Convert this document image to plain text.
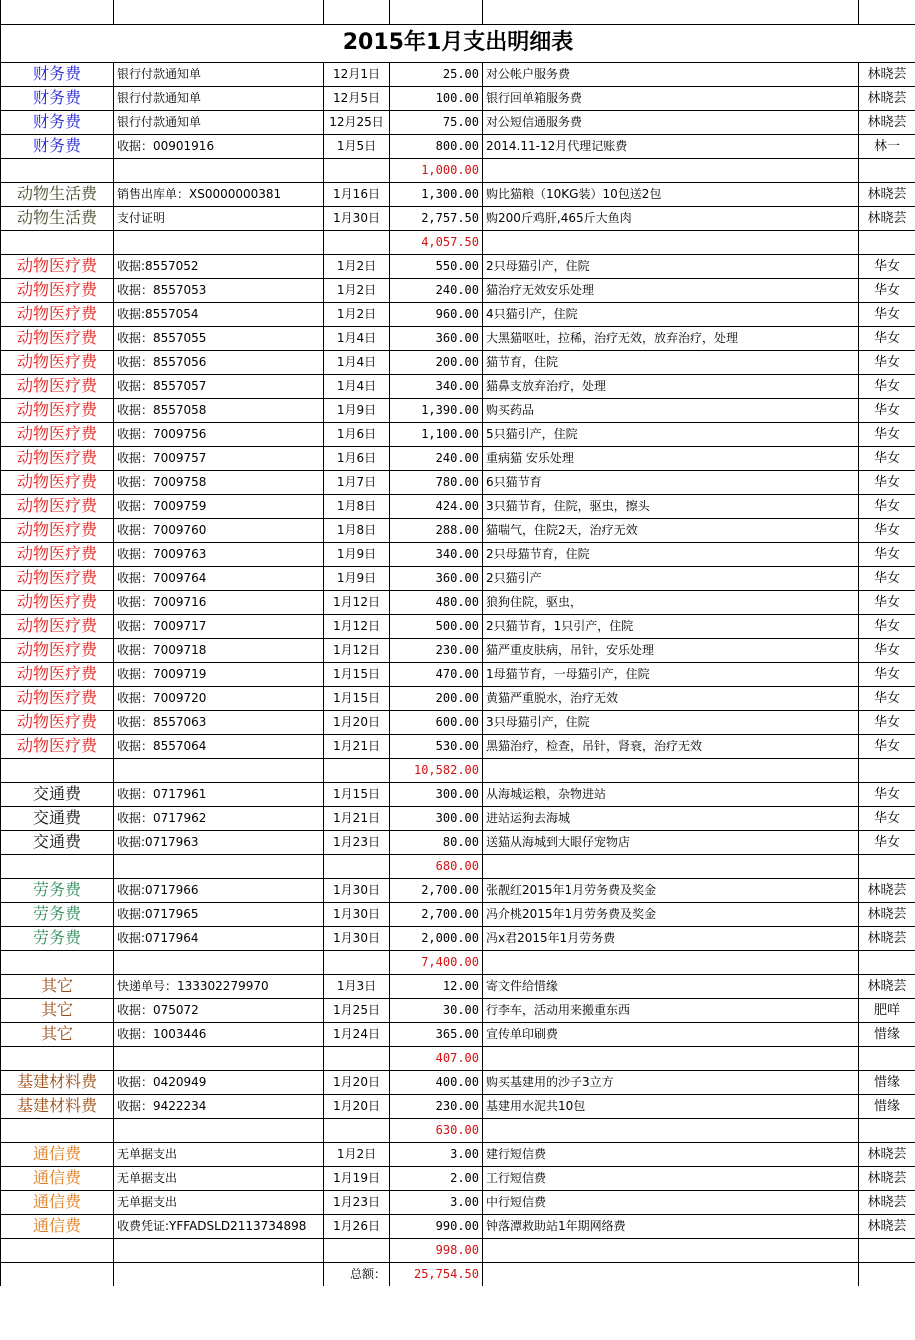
2015年1月支出明细表					
财务费	银行付款通知单	12月1日	25.00	对公帐户服务费	林晓芸
财务费	银行付款通知单	12月5日	100.00	银行回单箱服务费	林晓芸
财务费	银行付款通知单	12月25日	75.00	对公短信通服务费	林晓芸
财务费	收据：00901916	1月5日	800.00	2014.11-12月代理记账费	林一
			1,000.00		
动物生活费	销售出库单：XS0000000381	1月16日	1,300.00	购比猫粮（10KG装）10包送2包	林晓芸
动物生活费	支付证明	1月30日	2,757.50	购200斤鸡肝,465斤大鱼肉	林晓芸
			4,057.50		
动物医疗费	收据:8557052	1月2日	550.00	2只母猫引产，住院	华女
动物医疗费	收据：8557053	1月2日	240.00	猫治疗无效安乐处理	华女
动物医疗费	收据:8557054	1月2日	960.00	4只猫引产，住院	华女
动物医疗费	收据：8557055	1月4日	360.00	大黑猫呕吐，拉稀，治疗无效，放弃治疗，处理	华女
动物医疗费	收据：8557056	1月4日	200.00	猫节育，住院	华女
动物医疗费	收据：8557057	1月4日	340.00	猫鼻支放弃治疗，处理	华女
动物医疗费	收据：8557058	1月9日	1,390.00	购买药品	华女
动物医疗费	收据：7009756	1月6日	1,100.00	5只猫引产，住院	华女
动物医疗费	收据：7009757	1月6日	240.00	重病猫 安乐处理	华女
动物医疗费	收据：7009758	1月7日	780.00	6只猫节育	华女
动物医疗费	收据：7009759	1月8日	424.00	3只猫节育，住院，驱虫，擦头	华女
动物医疗费	收据：7009760	1月8日	288.00	猫喘气，住院2天，治疗无效	华女
动物医疗费	收据：7009763	1月9日	340.00	2只母猫节育，住院	华女
动物医疗费	收据：7009764	1月9日	360.00	2只猫引产	华女
动物医疗费	收据：7009716	1月12日	480.00	狼狗住院，驱虫，	华女
动物医疗费	收据：7009717	1月12日	500.00	2只猫节育，1只引产，住院	华女
动物医疗费	收据：7009718	1月12日	230.00	猫严重皮肤病，吊针，安乐处理	华女
动物医疗费	收据：7009719	1月15日	470.00	1母猫节育，一母猫引产，住院	华女
动物医疗费	收据：7009720	1月15日	200.00	黄猫严重脱水，治疗无效	华女
动物医疗费	收据：8557063	1月20日	600.00	3只母猫引产，住院	华女
动物医疗费	收据：8557064	1月21日	530.00	黑猫治疗，检查，吊针，肾衰，治疗无效	华女
			10,582.00		
交通费	收据：0717961	1月15日	300.00	从海城运粮，杂物进站	华女
交通费	收据：0717962	1月21日	300.00	进站运狗去海城	华女
交通费	收据:0717963	1月23日	80.00	送猫从海城到大眼仔宠物店	华女
			680.00		
劳务费	收据:0717966	1月30日	2,700.00	张靓红2015年1月劳务费及奖金	林晓芸
劳务费	收据:0717965	1月30日	2,700.00	冯介桃2015年1月劳务费及奖金	林晓芸
劳务费	收据:0717964	1月30日	2,000.00	冯x君2015年1月劳务费	林晓芸
			7,400.00		
其它	快递单号：133302279970	1月3日	12.00	寄文件给惜缘	林晓芸
其它	收据：075072	1月25日	30.00	行李车，活动用来搬重东西	肥咩
其它	收据：1003446	1月24日	365.00	宣传单印刷费	惜缘
			407.00		
基建材料费	收据：0420949	1月20日	400.00	购买基建用的沙子3立方	惜缘
基建材料费	收据：9422234	1月20日	230.00	基建用水泥共10包	惜缘
			630.00		
通信费	无单据支出	1月2日	3.00	建行短信费	林晓芸
通信费	无单据支出	1月19日	2.00	工行短信费	林晓芸
通信费	无单据支出	1月23日	3.00	中行短信费	林晓芸
通信费	收费凭证:YFFADSLD2113734898	1月26日	990.00	钟落潭救助站1年期网络费	林晓芸
			998.00		
		总额：	25,754.50		
